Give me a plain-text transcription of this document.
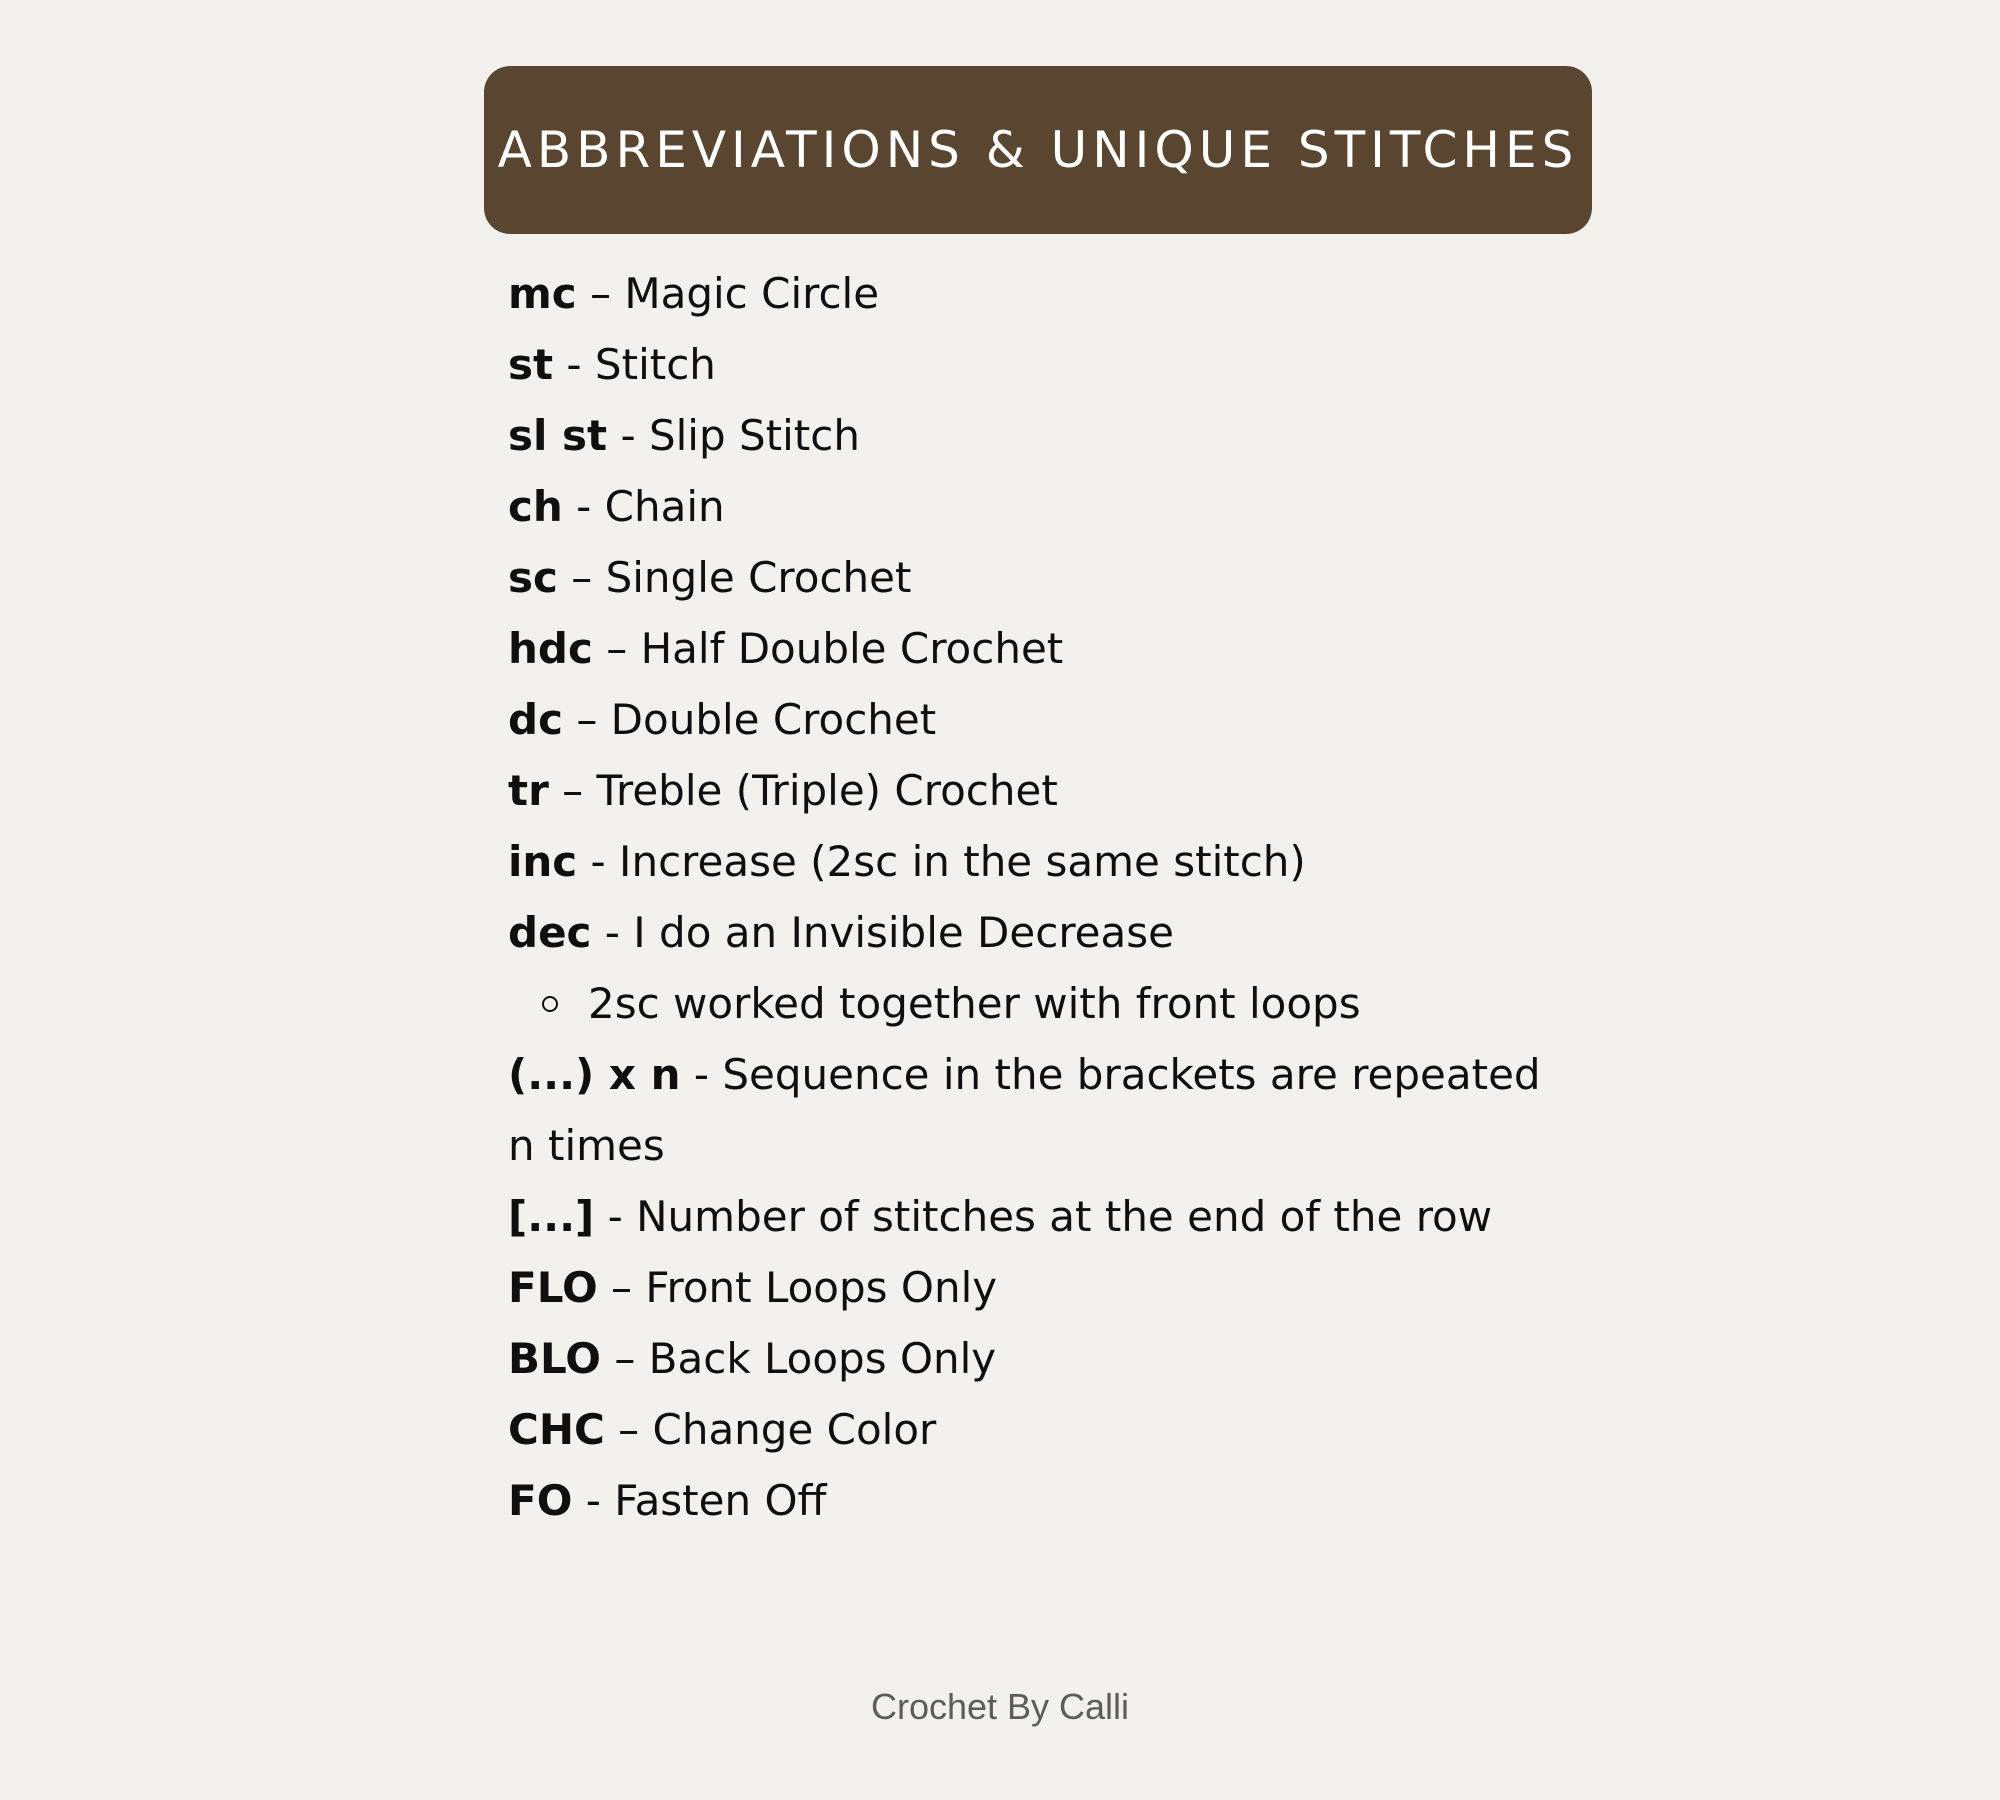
ABBREVIATIONS & UNIQUE STITCHES
mc – Magic Circle
st - Stitch
sl st - Slip Stitch
ch - Chain
sc – Single Crochet
hdc – Half Double Crochet
dc – Double Crochet
tr – Treble (Triple) Crochet
inc - Increase (2sc in the same stitch)
dec - I do an Invisible Decrease
2sc worked together with front loops
(...) x n - Sequence in the brackets are repeated
n times
[...] - Number of stitches at the end of the row
FLO – Front Loops Only
BLO – Back Loops Only
CHC – Change Color
FO - Fasten Off
Crochet By Calli
